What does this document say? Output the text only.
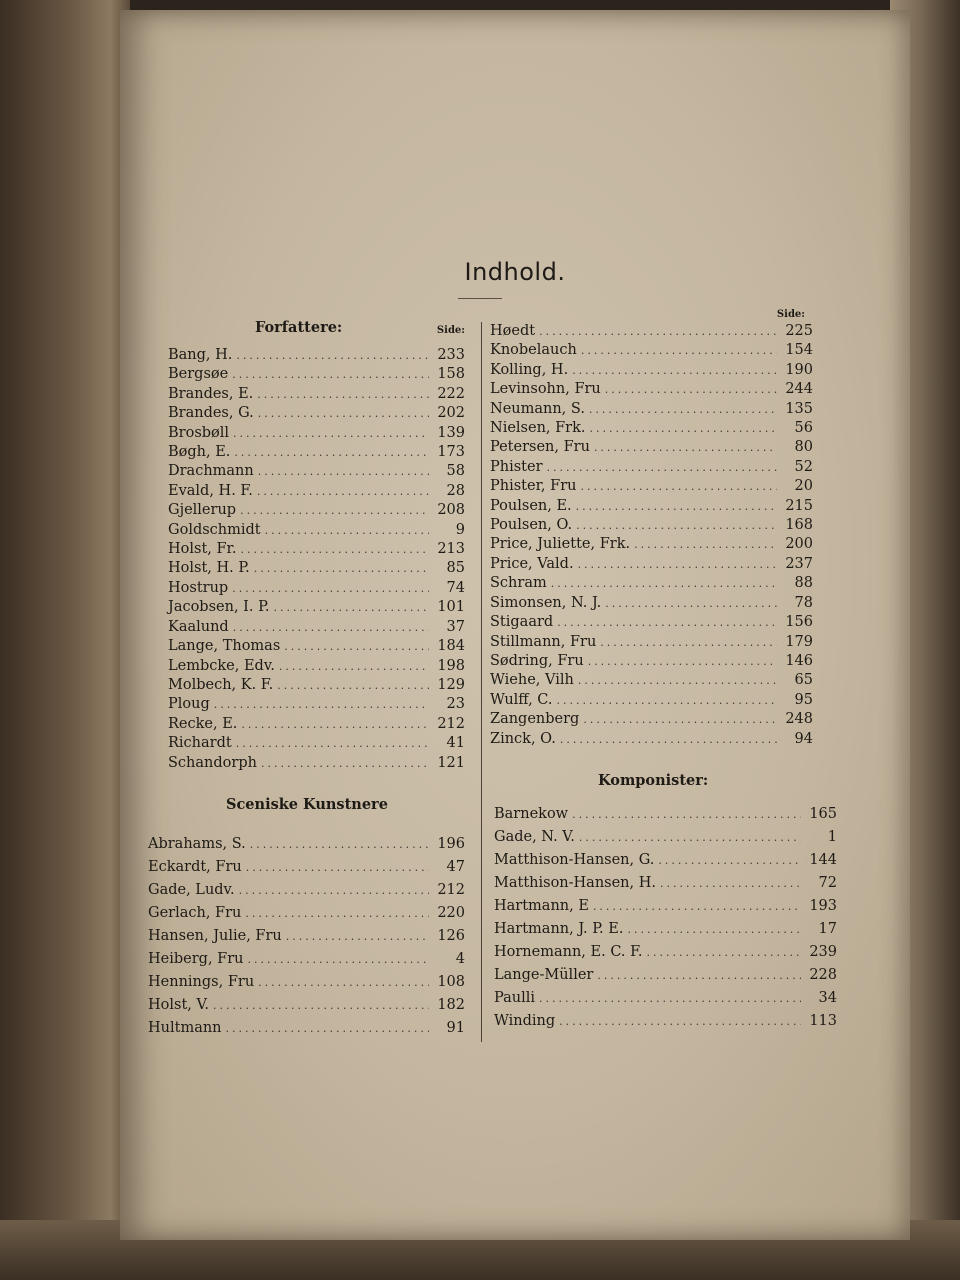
Indhold.
Forfattere:	Side:
Bang, H. .....	233
Bergsøe .....	158
Brandes, E. .....	222
Brandes, G. .....	202
Brosbøll .....	139
Bøgh, E. .....	173
Drachmann .....	58
Evald, H. F. .....	28
Gjellerup .....	208
Goldschmidt .....	9
Holst, Fr. .....	213
Holst, H. P. .....	85
Hostrup .....	74
Jacobsen, I. P. .....	101
Kaalund .....	37
Lange, Thomas .....	184
Lembcke, Edv. .....	198
Molbech, K. F. .....	129
Ploug .....	23
Recke, E. .....	212
Richardt .....	41
Schandorph .....	121
Sceniske Kunstnere
Abrahams, S. .....	196
Eckardt, Fru .....	47
Gade, Ludv. .....	212
Gerlach, Fru .....	220
Hansen, Julie, Fru .....	126
Heiberg, Fru .....	4
Hennings, Fru .....	108
Holst, V. .....	182
Hultmann .....	91
Side:
Høedt .....	225
Knobelauch .....	154
Kolling, H. .....	190
Levinsohn, Fru .....	244
Neumann, S. .....	135
Nielsen, Frk. .....	56
Petersen, Fru .....	80
Phister .....	52
Phister, Fru .....	20
Poulsen, E. .....	215
Poulsen, O. .....	168
Price, Juliette, Frk. .....	200
Price, Vald. .....	237
Schram .....	88
Simonsen, N. J. .....	78
Stigaard .....	156
Stillmann, Fru .....	179
Sødring, Fru .....	146
Wiehe, Vilh .....	65
Wulff, C. .....	95
Zangenberg .....	248
Zinck, O. .....	94
Komponister:
Barnekow .....	165
Gade, N. V. .....	1
Matthison-Hansen, G. .....	144
Matthison-Hansen, H. .....	72
Hartmann, E .....	193
Hartmann, J. P. E. .....	17
Hornemann, E. C. F. .....	239
Lange-Müller .....	228
Paulli .....	34
Winding .....	113
